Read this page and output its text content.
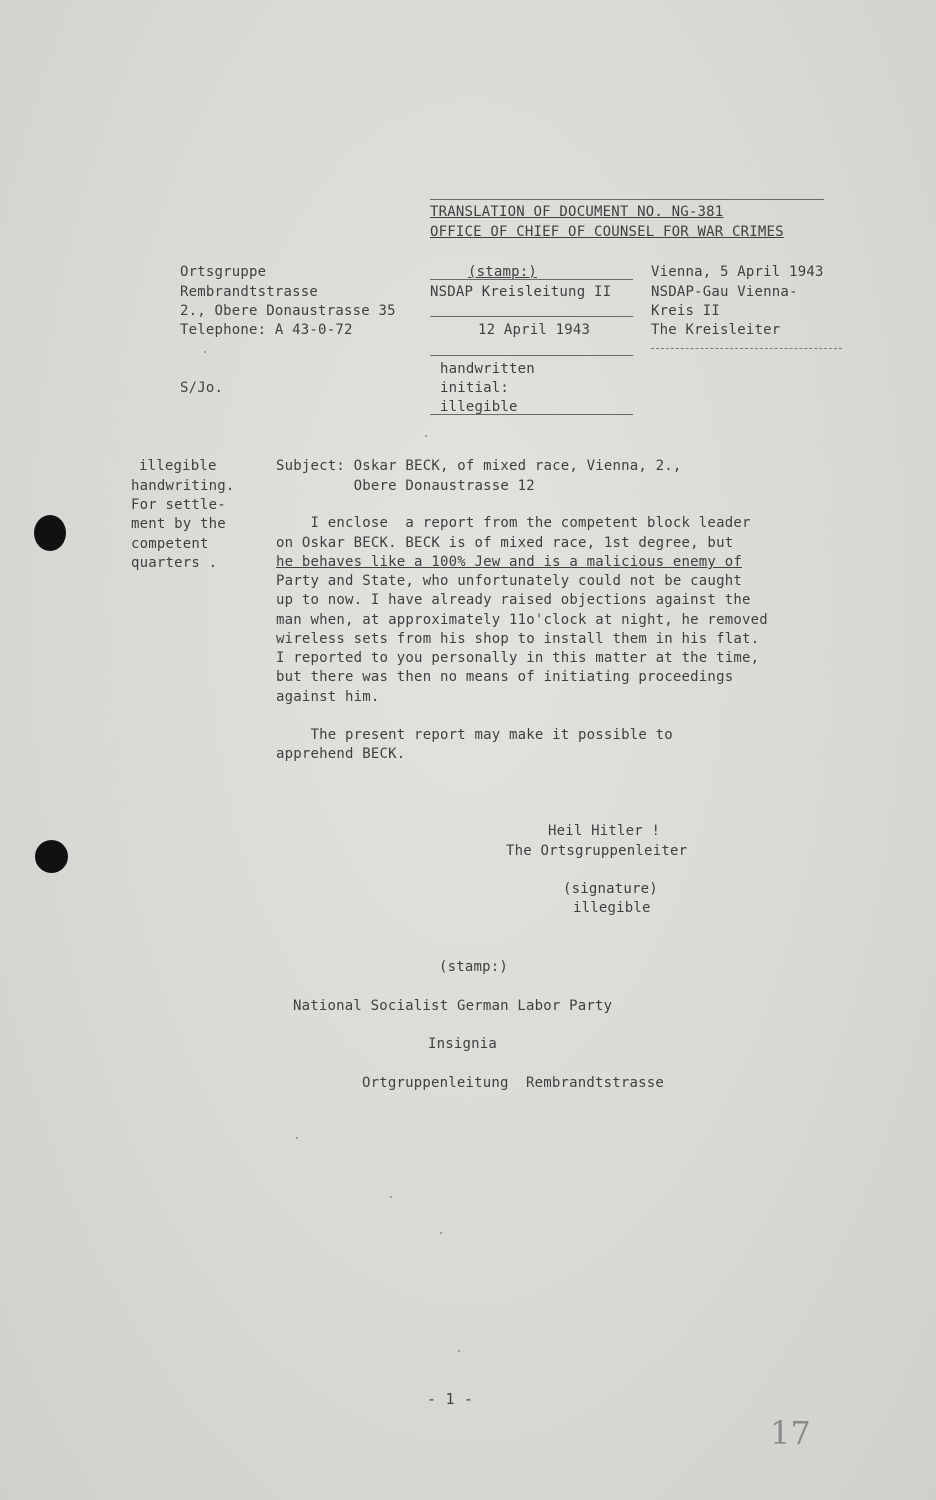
TRANSLATION OF DOCUMENT NO. NG-381
OFFICE OF CHIEF OF COUNSEL FOR WAR CRIMES
Ortsgruppe
Rembrandtstrasse
2., Obere Donaustrasse 35
Telephone: A 43-0-72
S/Jo.
(stamp:)
NSDAP Kreisleitung II
12 April 1943
handwritten
initial:
illegible
Vienna, 5 April 1943
NSDAP-Gau Vienna-
Kreis II
The Kreisleiter
illegible
handwriting.
For settle-
ment by the
competent
quarters .
Subject: Oskar BECK, of mixed race, Vienna, 2.,
Obere Donaustrasse 12
I enclose  a report from the competent block leader
on Oskar BECK. BECK is of mixed race, 1st degree, but
he behaves like a 100% Jew and is a malicious enemy of
Party and State, who unfortunately could not be caught
up to now. I have already raised objections against the
man when, at approximately 11o'clock at night, he removed
wireless sets from his shop to install them in his flat.
I reported to you personally in this matter at the time,
but there was then no means of initiating proceedings
against him.
The present report may make it possible to
apprehend BECK.
Heil Hitler !
The Ortsgruppenleiter
(signature)
illegible
(stamp:)
National Socialist German Labor Party
Insignia
Ortgruppenleitung  Rembrandtstrasse
- 1 -
17
